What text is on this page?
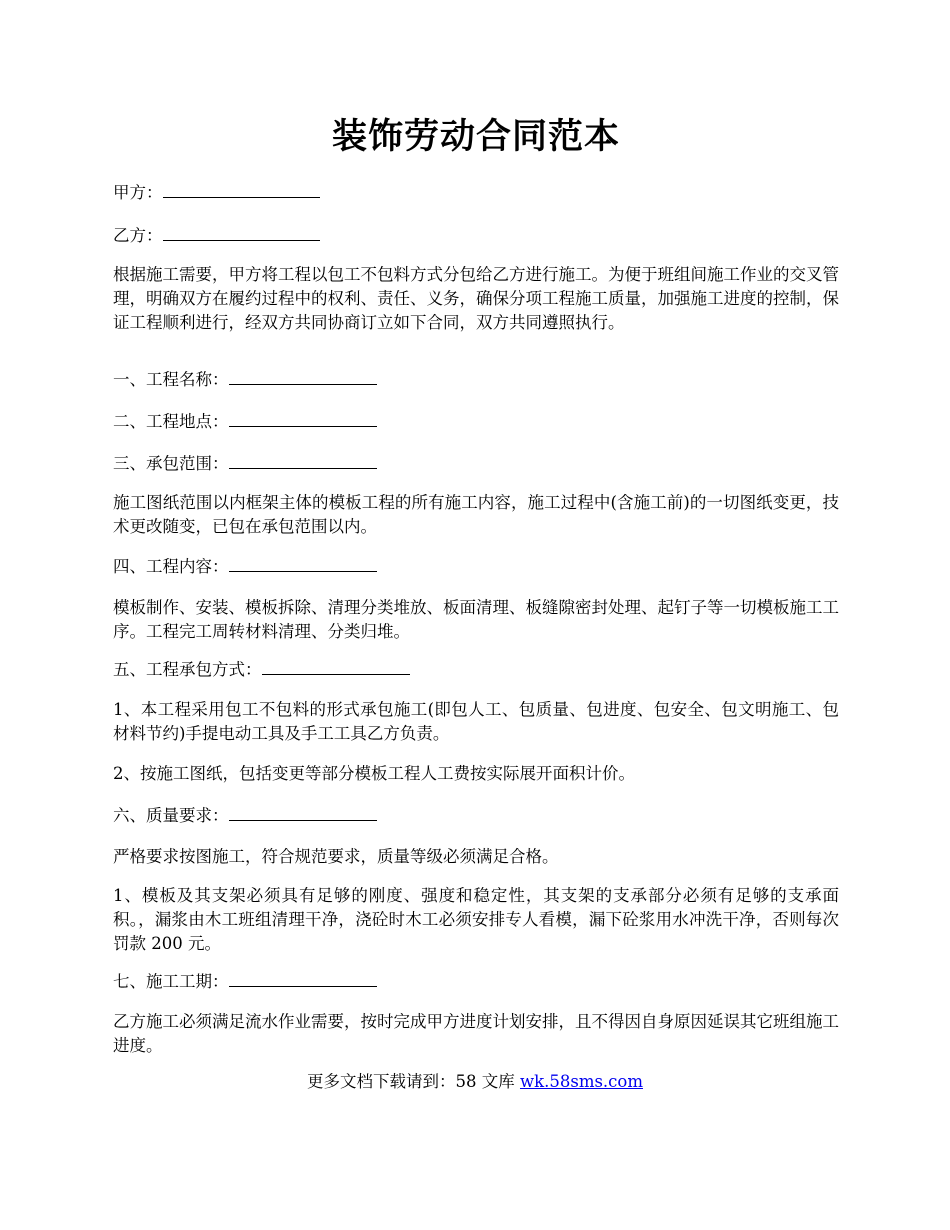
装饰劳动合同范本
甲方：
乙方：
根据施工需要，甲方将工程以包工不包料方式分包给乙方进行施工。为便于班组间施工作业的交叉管理，明确双方在履约过程中的权利、责任、义务，确保分项工程施工质量，加强施工进度的控制，保证工程顺利进行，经双方共同协商订立如下合同，双方共同遵照执行。
一、工程名称：
二、工程地点：
三、承包范围：
施工图纸范围以内框架主体的模板工程的所有施工内容，施工过程中(含施工前)的一切图纸变更，技术更改随变，已包在承包范围以内。
四、工程内容：
模板制作、安装、模板拆除、清理分类堆放、板面清理、板缝隙密封处理、起钉子等一切模板施工工序。工程完工周转材料清理、分类归堆。
五、工程承包方式：
1、本工程采用包工不包料的形式承包施工(即包人工、包质量、包进度、包安全、包文明施工、包材料节约)手提电动工具及手工工具乙方负责。
2、按施工图纸，包括变更等部分模板工程人工费按实际展开面积计价。
六、质量要求：
严格要求按图施工，符合规范要求，质量等级必须满足合格。
1、模板及其支架必须具有足够的刚度、强度和稳定性，其支架的支承部分必须有足够的支承面积。，漏浆由木工班组清理干净，浇砼时木工必须安排专人看模，漏下砼浆用水冲洗干净，否则每次罚款 200 元。
七、施工工期：
乙方施工必须满足流水作业需要，按时完成甲方进度计划安排，且不得因自身原因延误其它班组施工进度。
更多文档下载请到：58 文库 wk.58sms.com
